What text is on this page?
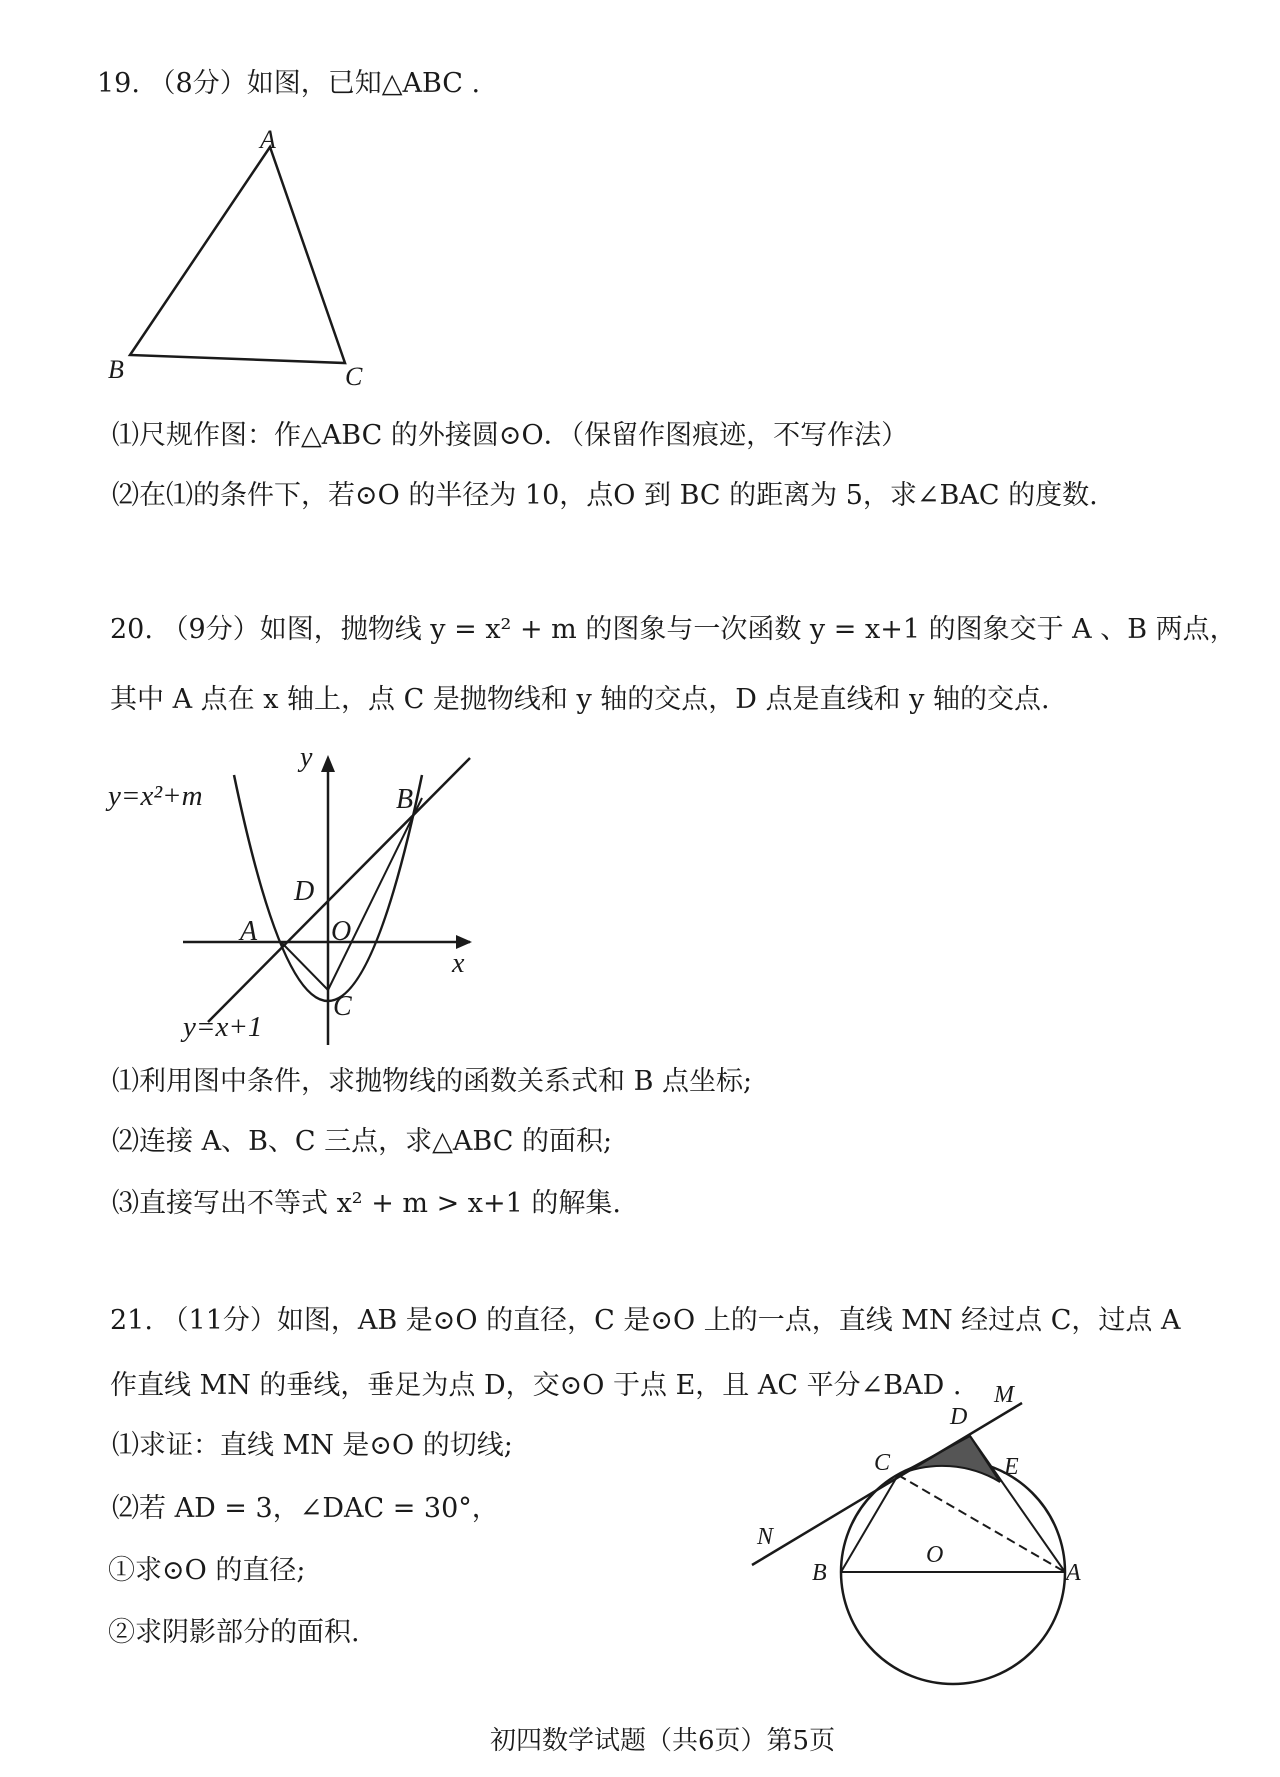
19. （8分）如图，已知△ABC .
A
B	C
⑴尺规作图：作△ABC 的外接圆⊙O．（保留作图痕迹，不写作法）
⑵在⑴的条件下，若⊙O 的半径为 10，点O 到 BC 的距离为 5，求∠BAC 的度数.
20. （9分）如图，抛物线 y = x² + m 的图象与一次函数 y = x+1 的图象交于 A 、B 两点，
其中 A 点在 x 轴上，点 C 是抛物线和 y 轴的交点，D 点是直线和 y 轴的交点.
y
y=x²+m	B
D
A	O
x
C
y=x+1
⑴利用图中条件，求抛物线的函数关系式和 B 点坐标;
⑵连接 A、B、C 三点，求△ABC 的面积;
⑶直接写出不等式 x² + m > x+1 的解集.
21. （11分）如图，AB 是⊙O 的直径，C 是⊙O 上的一点，直线 MN 经过点 C，过点 A
作直线 MN 的垂线，垂足为点 D，交⊙O 于点 E，且 AC 平分∠BAD .
⑴求证：直线 MN 是⊙O 的切线;
⑵若 AD = 3，∠DAC = 30°，
①求⊙O 的直径;
②求阴影部分的面积.
M
D
C	E
N
O
B	A
初四数学试题（共6页）第5页
